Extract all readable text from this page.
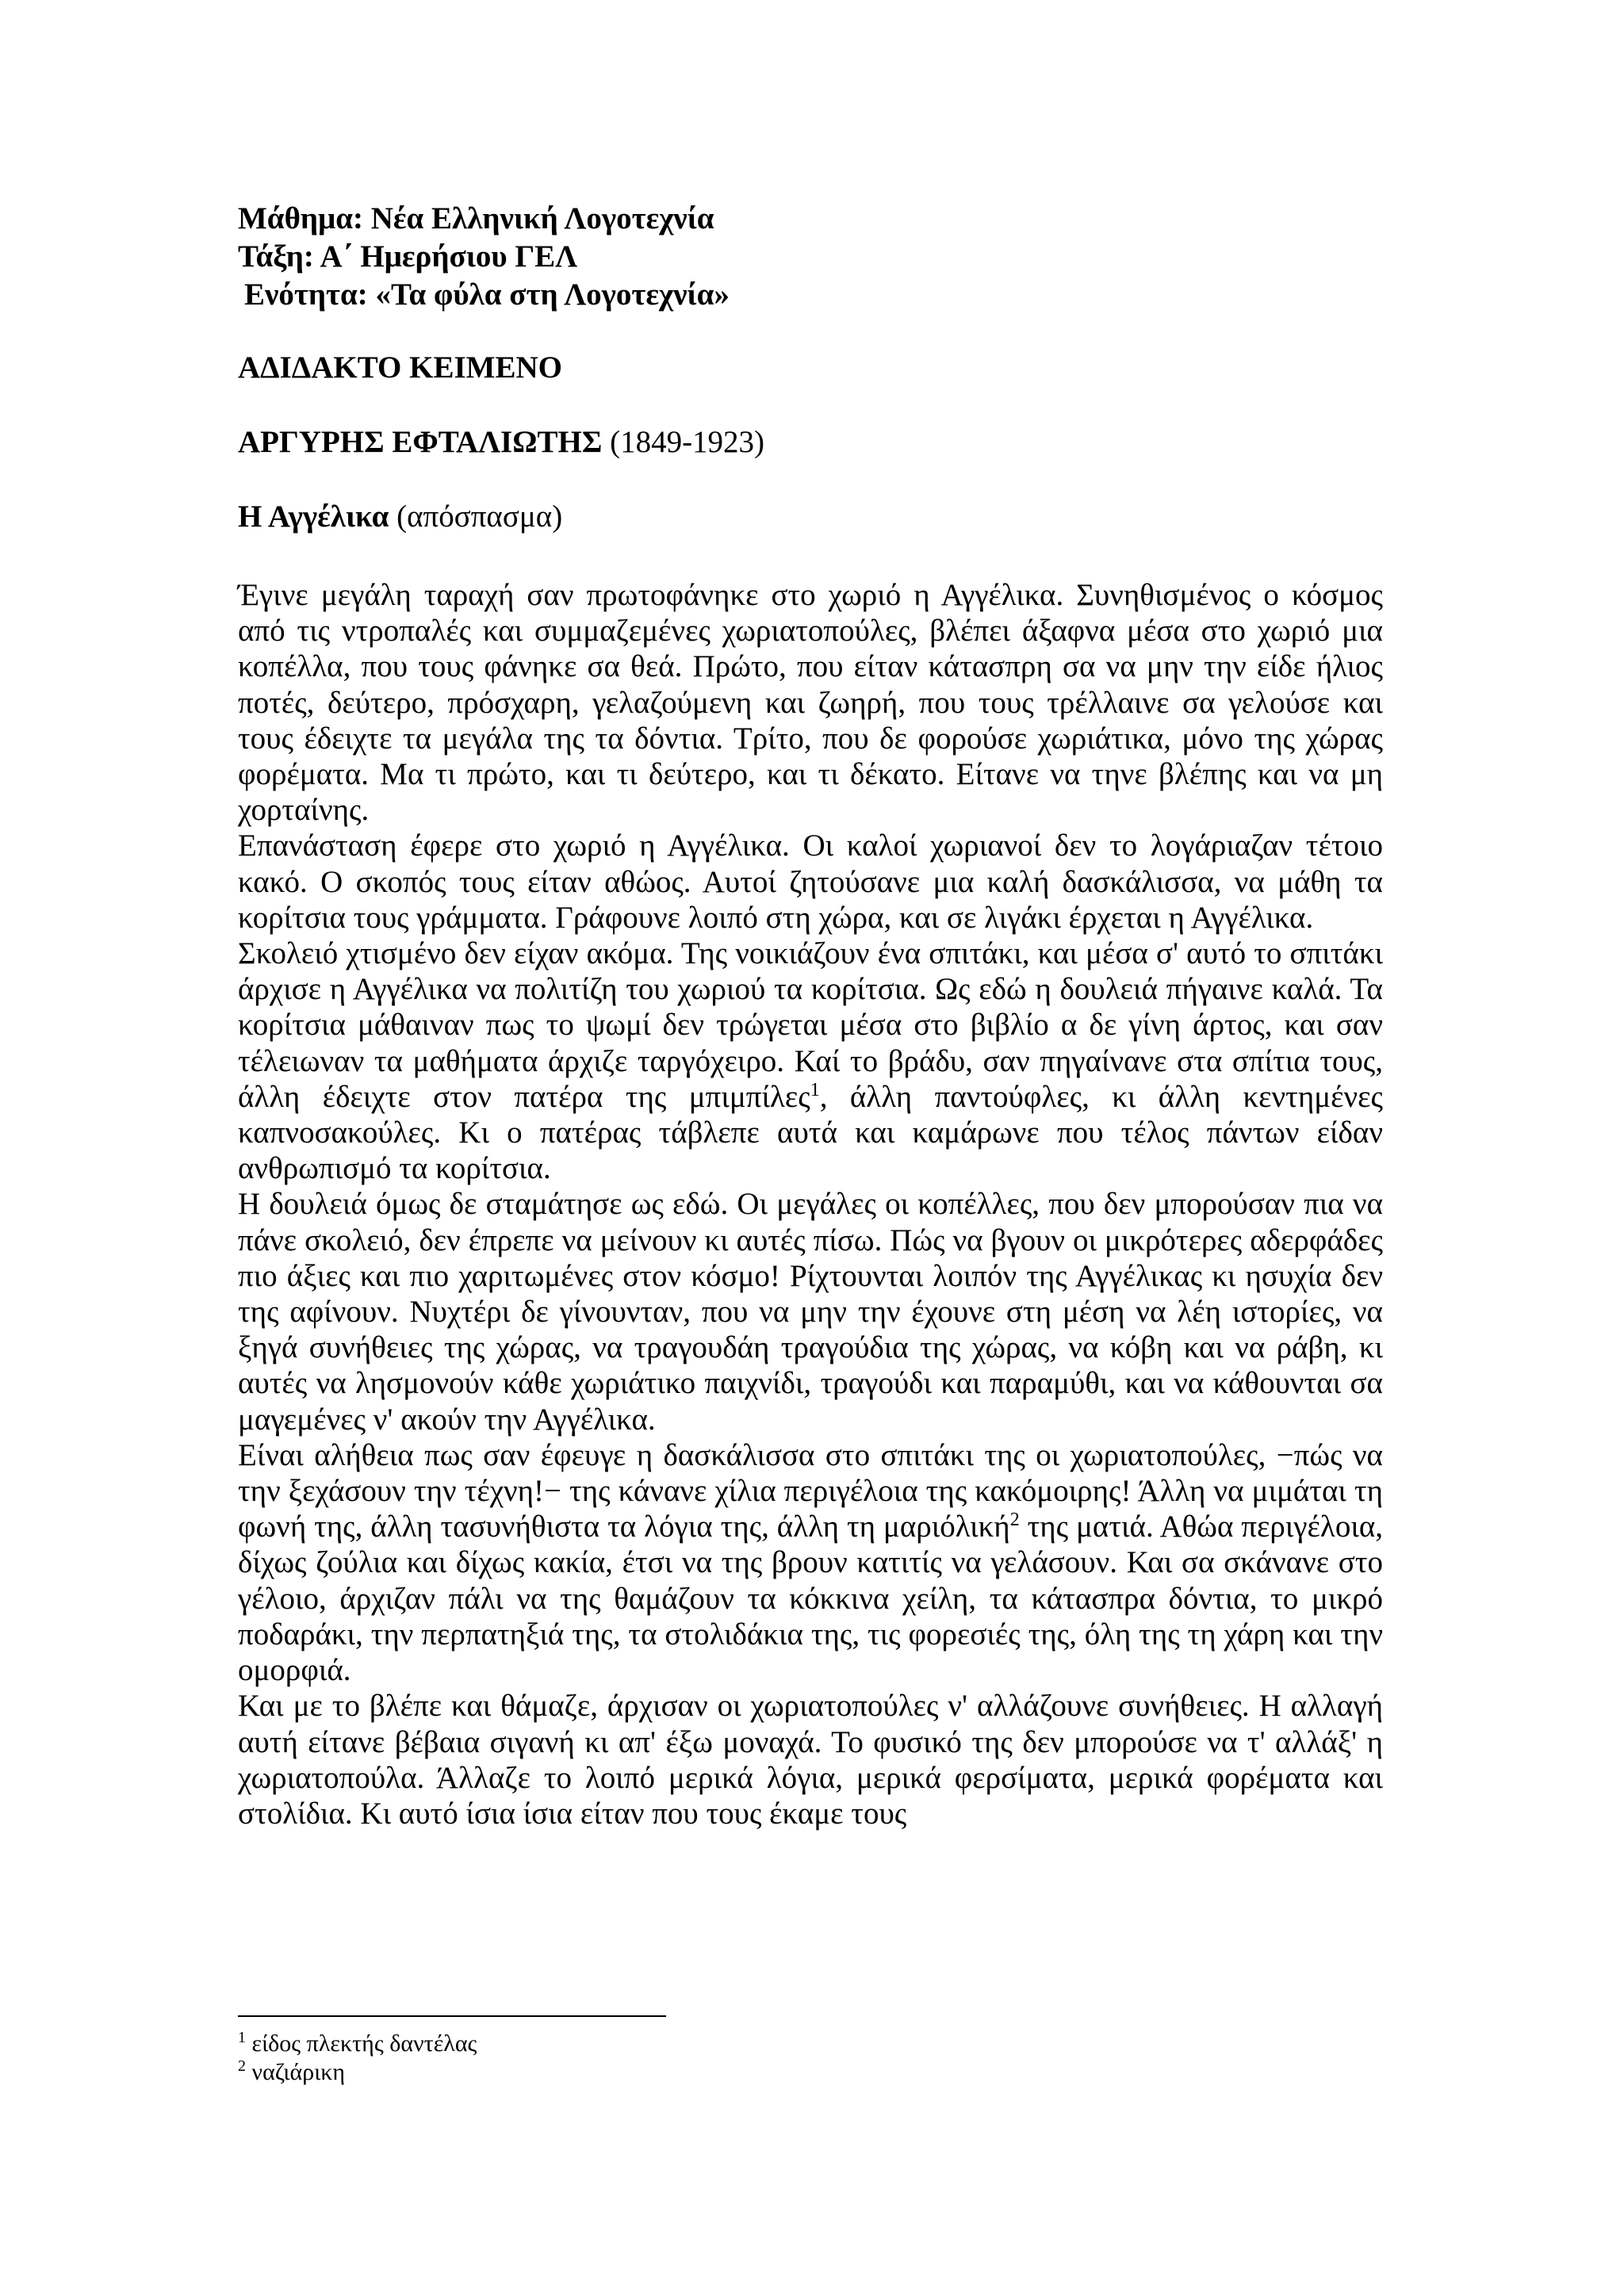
Μάθημα: Νέα Ελληνική Λογοτεχνία

Τάξη: Α΄ Ημερήσιου ΓΕΛ

Ενότητα: «Τα φύλα στη Λογοτεχνία»

ΑΔΙΔΑΚΤΟ ΚΕΙΜΕΝΟ

ΑΡΓΥΡΗΣ ΕΦΤΑΛΙΩΤΗΣ (1849-1923)

Η Αγγέλικα (απόσπασμα)

Έγινε μεγάλη ταραχή σαν πρωτοφάνηκε στο χωριό η Αγγέλικα. Συνηθισμένος ο κόσμος από τις ντροπαλές και συμμαζεμένες χωριατοπούλες, βλέπει άξαφνα μέσα στο χωριό μια κοπέλλα, που τους φάνηκε σα θεά. Πρώτο, που είταν κάτασπρη σα να μην την είδε ήλιος ποτές, δεύτερο, πρόσχαρη, γελαζούμενη και ζωηρή, που τους τρέλλαινε σα γελούσε και τους έδειχτε τα μεγάλα της τα δόντια. Τρίτο, που δε φορούσε χωριάτικα, μόνο της χώρας φορέματα. Μα τι πρώτο, και τι δεύτερο, και τι δέκατο. Είτανε να τηνε βλέπης και να μη χορταίνης.

Επανάσταση έφερε στο χωριό η Αγγέλικα. Οι καλοί χωριανοί δεν το λογάριαζαν τέτοιο κακό. Ο σκοπός τους είταν αθώος. Αυτοί ζητούσανε μια καλή δασκάλισσα, να μάθη τα κορίτσια τους γράμματα. Γράφουνε λοιπό στη χώρα, και σε λιγάκι έρχεται η Αγγέλικα.

Σκολειό χτισμένο δεν είχαν ακόμα. Της νοικιάζουν ένα σπιτάκι, και μέσα σ' αυτό το σπιτάκι άρχισε η Αγγέλικα να πολιτίζη του χωριού τα κορίτσια. Ως εδώ η δουλειά πήγαινε καλά. Τα κορίτσια μάθαιναν πως το ψωμί δεν τρώγεται μέσα στο βιβλίο α δε γίνη άρτος, και σαν τέλειωναν τα μαθήματα άρχιζε ταργόχειρο. Καί το βράδυ, σαν πηγαίνανε στα σπίτια τους, άλλη έδειχτε στον πατέρα της μπιμπίλες$^1$, άλλη παντούφλες, κι άλλη κεντημένες καπνοσακούλες. Κι ο πατέρας τάβλεπε αυτά και καμάρωνε που τέλος πάντων είδαν ανθρωπισμό τα κορίτσια.

Η δουλειά όμως δε σταμάτησε ως εδώ. Οι μεγάλες οι κοπέλλες, που δεν μπορούσαν πια να πάνε σκολειό, δεν έπρεπε να μείνουν κι αυτές πίσω. Πώς να βγουν οι μικρότερες αδερφάδες πιο άξιες και πιο χαριτωμένες στον κόσμο! Ρίχτουνται λοιπόν της Αγγέλικας κι ησυχία δεν της αφίνουν. Νυχτέρι δε γίνουνταν, που να μην την έχουνε στη μέση να λέη ιστορίες, να ξηγά συνήθειες της χώρας, να τραγουδάη τραγούδια της χώρας, να κόβη και να ράβη, κι αυτές να λησμονούν κάθε χωριάτικο παιχνίδι, τραγούδι και παραμύθι, και να κάθουνται σα μαγεμένες ν' ακούν την Αγγέλικα.

Είναι αλήθεια πως σαν έφευγε η δασκάλισσα στο σπιτάκι της οι χωριατοπούλες, −πώς να την ξεχάσουν την τέχνη!− της κάνανε χίλια περιγέλοια της κακόμοιρης! Άλλη να μιμάται τη φωνή της, άλλη τασυνήθιστα τα λόγια της, άλλη τη μαριόλική$^2$ της ματιά. Αθώα περιγέλοια, δίχως ζούλια και δίχως κακία, έτσι να της βρουν κατιτίς να γελάσουν. Και σα σκάνανε στο γέλοιο, άρχιζαν πάλι να της θαμάζουν τα κόκκινα χείλη, τα κάτασπρα δόντια, το μικρό ποδαράκι, την περπατηξιά της, τα στολιδάκια της, τις φορεσιές της, όλη της τη χάρη και την ομορφιά.

Και με το βλέπε και θάμαζε, άρχισαν οι χωριατοπούλες ν' αλλάζουνε συνήθειες. Η αλλαγή αυτή είτανε βέβαια σιγανή κι απ' έξω μοναχά. Το φυσικό της δεν μπορούσε να τ' αλλάξ' η χωριατοπούλα. Άλλαζε το λοιπό μερικά λόγια, μερικά φερσίματα, μερικά φορέματα και στολίδια. Κι αυτό ίσια ίσια είταν που τους έκαμε τους

$^1$ είδος πλεκτής δαντέλας
$^2$ ναζιάρικη
